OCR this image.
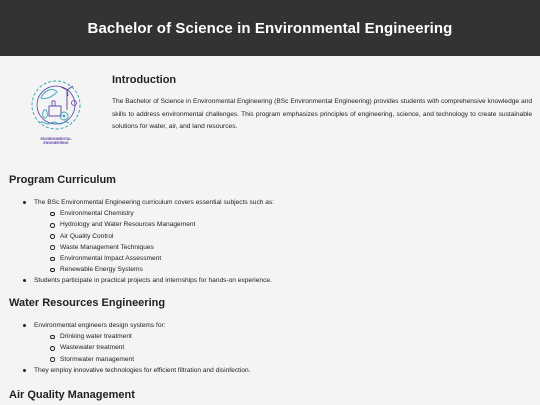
Bachelor of Science in Environmental Engineering
ENVIRONMENTAL
ENGINEERING
Introduction

The Bachelor of Science in Environmental Engineering (BSc Environmental Engineering) provides students with comprehensive knowledge and skills to address environmental challenges. This program emphasizes principles of engineering, science, and technology to create sustainable solutions for water, air, and land resources.

Program Curriculum
The BSc Environmental Engineering curriculum covers essential subjects such as:
Environmental Chemistry
Hydrology and Water Resources Management
Air Quality Control
Waste Management Techniques
Environmental Impact Assessment
Renewable Energy Systems
Students participate in practical projects and internships for hands-on experience.
Water Resources Engineering
Environmental engineers design systems for:
Drinking water treatment
Wastewater treatment
Stormwater management
They employ innovative technologies for efficient filtration and disinfection.
Air Quality Management
